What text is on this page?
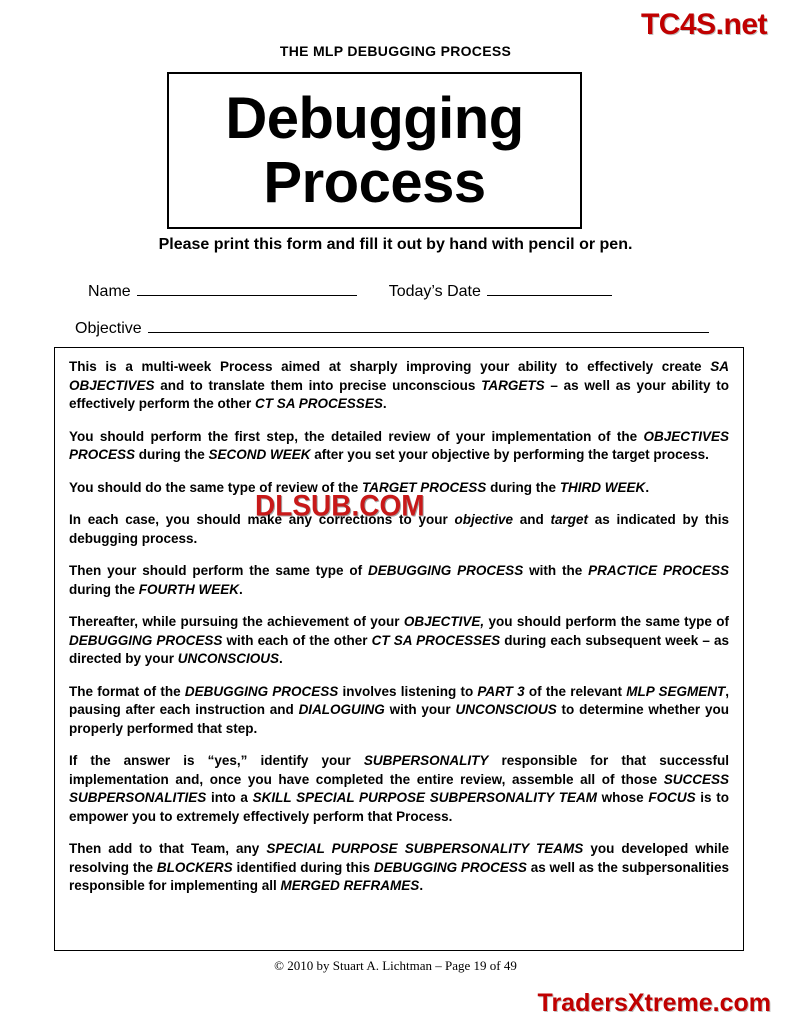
TC4S.net
THE MLP DEBUGGING PROCESS
Debugging
Process
Please print this form and fill it out by hand with pencil or pen.
Name	Today’s Date
Objective

This is a multi-week Process aimed at sharply improving your ability to effectively create SA OBJECTIVES and to translate them into precise unconscious TARGETS – as well as your ability to effectively perform the other CT SA PROCESSES.

You should perform the first step, the detailed review of your implementation of the OBJECTIVES PROCESS during the SECOND WEEK after you set your objective by performing the target process.

You should do the same type of review of the TARGET PROCESS during the THIRD WEEK.

In each case, you should make any corrections to your objective and target as indicated by this debugging process.

Then your should perform the same type of DEBUGGING PROCESS with the PRACTICE PROCESS during the FOURTH WEEK.

Thereafter, while pursuing the achievement of your OBJECTIVE, you should perform the same type of DEBUGGING PROCESS with each of the other CT SA PROCESSES during each subsequent week – as directed by your UNCONSCIOUS.

The format of the DEBUGGING PROCESS involves listening to PART 3 of the relevant MLP SEGMENT, pausing after each instruction and DIALOGUING with your UNCONSCIOUS to determine whether you properly performed that step.

If the answer is “yes,” identify your SUBPERSONALITY responsible for that successful implementation and, once you have completed the entire review, assemble all of those SUCCESS SUBPERSONALITIES into a SKILL SPECIAL PURPOSE SUBPERSONALITY TEAM whose FOCUS is to empower you to extremely effectively perform that Process.

Then add to that Team, any SPECIAL PURPOSE SUBPERSONALITY TEAMS you developed while resolving the BLOCKERS identified during this DEBUGGING PROCESS as well as the subpersonalities responsible for implementing all MERGED REFRAMES.

DLSUB.COM
© 2010 by Stuart A. Lichtman – Page 19 of 49
TradersXtreme.com
